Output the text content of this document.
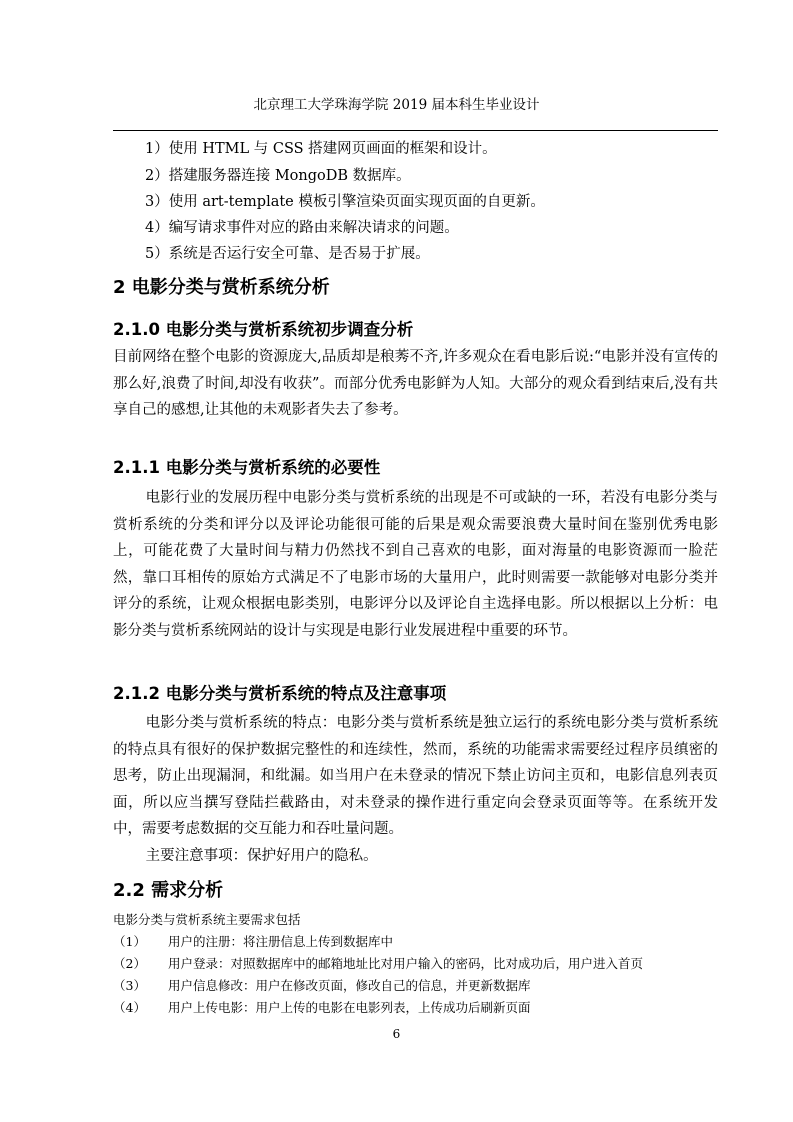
北京理工大学珠海学院 2019 届本科生毕业设计
1）使用 HTML 与 CSS 搭建网页画面的框架和设计。
2）搭建服务器连接 MongoDB 数据库。
3）使用 art-template 模板引擎渲染页面实现页面的自更新。
4）编写请求事件对应的路由来解决请求的问题。
5）系统是否运行安全可靠、是否易于扩展。
2 电影分类与赏析系统分析
2.1.0 电影分类与赏析系统初步调查分析
目前网络在整个电影的资源庞大,品质却是稂莠不齐,许多观众在看电影后说:“电影并没有宣传的那么好,浪费了时间,却没有收获”。而部分优秀电影鲜为人知。大部分的观众看到结束后,没有共享自己的感想,让其他的未观影者失去了参考。
2.1.1 电影分类与赏析系统的必要性
电影行业的发展历程中电影分类与赏析系统的出现是不可或缺的一环，若没有电影分类与赏析系统的分类和评分以及评论功能很可能的后果是观众需要浪费大量时间在鉴别优秀电影上，可能花费了大量时间与精力仍然找不到自己喜欢的电影，面对海量的电影资源而一脸茫然，靠口耳相传的原始方式满足不了电影市场的大量用户，此时则需要一款能够对电影分类并评分的系统，让观众根据电影类别，电影评分以及评论自主选择电影。所以根据以上分析：电影分类与赏析系统网站的设计与实现是电影行业发展进程中重要的环节。
2.1.2 电影分类与赏析系统的特点及注意事项
电影分类与赏析系统的特点：电影分类与赏析系统是独立运行的系统电影分类与赏析系统的特点具有很好的保护数据完整性的和连续性，然而，系统的功能需求需要经过程序员缜密的思考，防止出现漏洞，和纰漏。如当用户在未登录的情况下禁止访问主页和，电影信息列表页面，所以应当撰写登陆拦截路由，对未登录的操作进行重定向会登录页面等等。在系统开发中，需要考虑数据的交互能力和吞吐量问题。
主要注意事项：保护好用户的隐私。
2.2 需求分析
电影分类与赏析系统主要需求包括
（1） 用户的注册：将注册信息上传到数据库中
（2） 用户登录：对照数据库中的邮箱地址比对用户输入的密码，比对成功后，用户进入首页
（3） 用户信息修改：用户在修改页面，修改自己的信息，并更新数据库
（4） 用户上传电影：用户上传的电影在电影列表，上传成功后刷新页面
6
